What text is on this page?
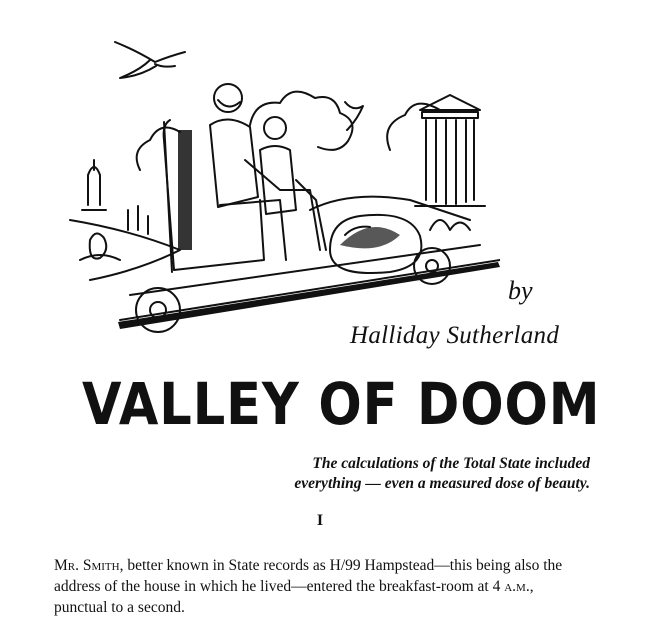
by
Halliday Sutherland
VALLEY OF DOOM
The calculations of the Total State included
everything — even a measured dose of beauty.
I
Mr. Smith, better known in State records as H/99 Hampstead—this being also the address of the house in which he lived—entered the breakfast-room at 4 a.m., punctual to a second.
